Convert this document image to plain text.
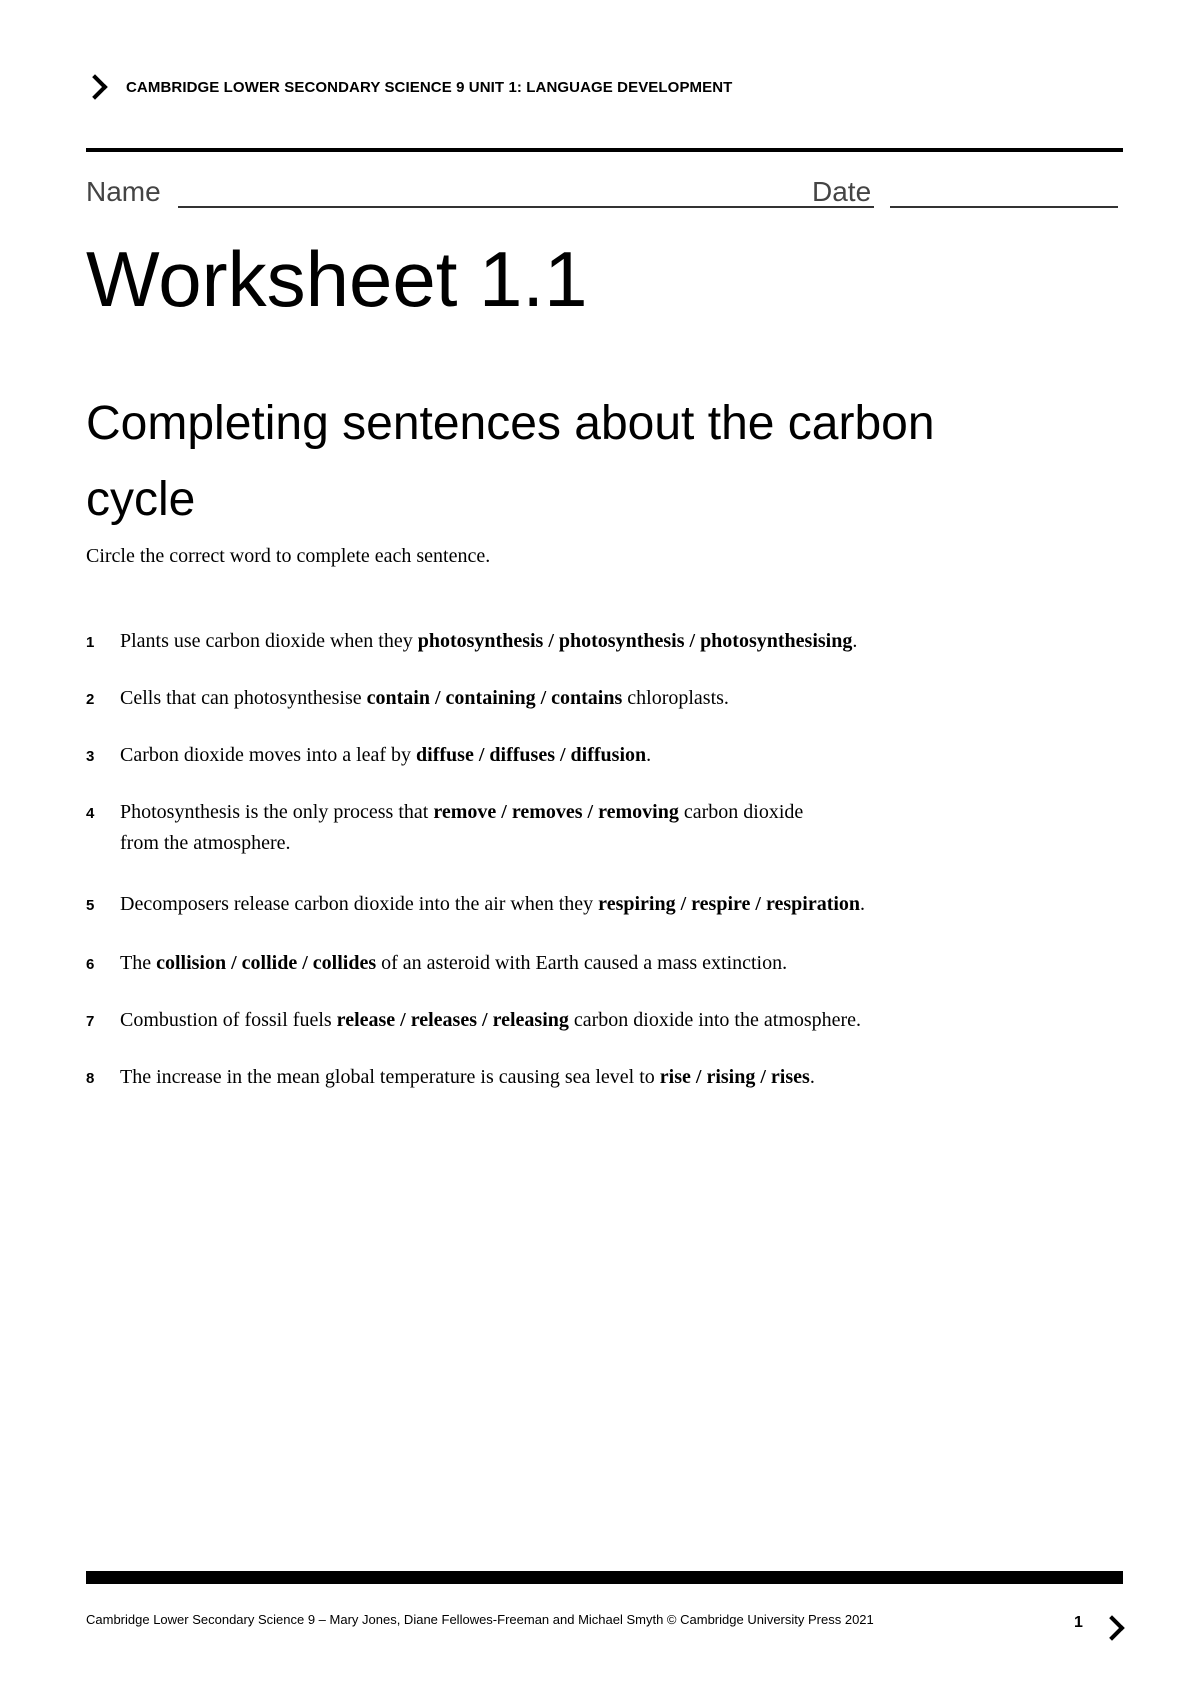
CAMBRIDGE LOWER SECONDARY SCIENCE 9 UNIT 1: LANGUAGE DEVELOPMENT
Name	Date
Worksheet 1.1
Completing sentences about the carbon cycle
Circle the correct word to complete each sentence.
1 Plants use carbon dioxide when they photosynthesis / photosynthesis / photosynthesising.
2 Cells that can photosynthesise contain / containing / contains chloroplasts.
3 Carbon dioxide moves into a leaf by diffuse / diffuses / diffusion.
4 Photosynthesis is the only process that remove / removes / removing carbon dioxide
from the atmosphere.
5 Decomposers release carbon dioxide into the air when they respiring / respire / respiration.
6 The collision / collide / collides of an asteroid with Earth caused a mass extinction.
7 Combustion of fossil fuels release / releases / releasing carbon dioxide into the atmosphere.
8 The increase in the mean global temperature is causing sea level to rise / rising / rises.
Cambridge Lower Secondary Science 9 – Mary Jones, Diane Fellowes-Freeman and Michael Smyth © Cambridge University Press 2021	1
